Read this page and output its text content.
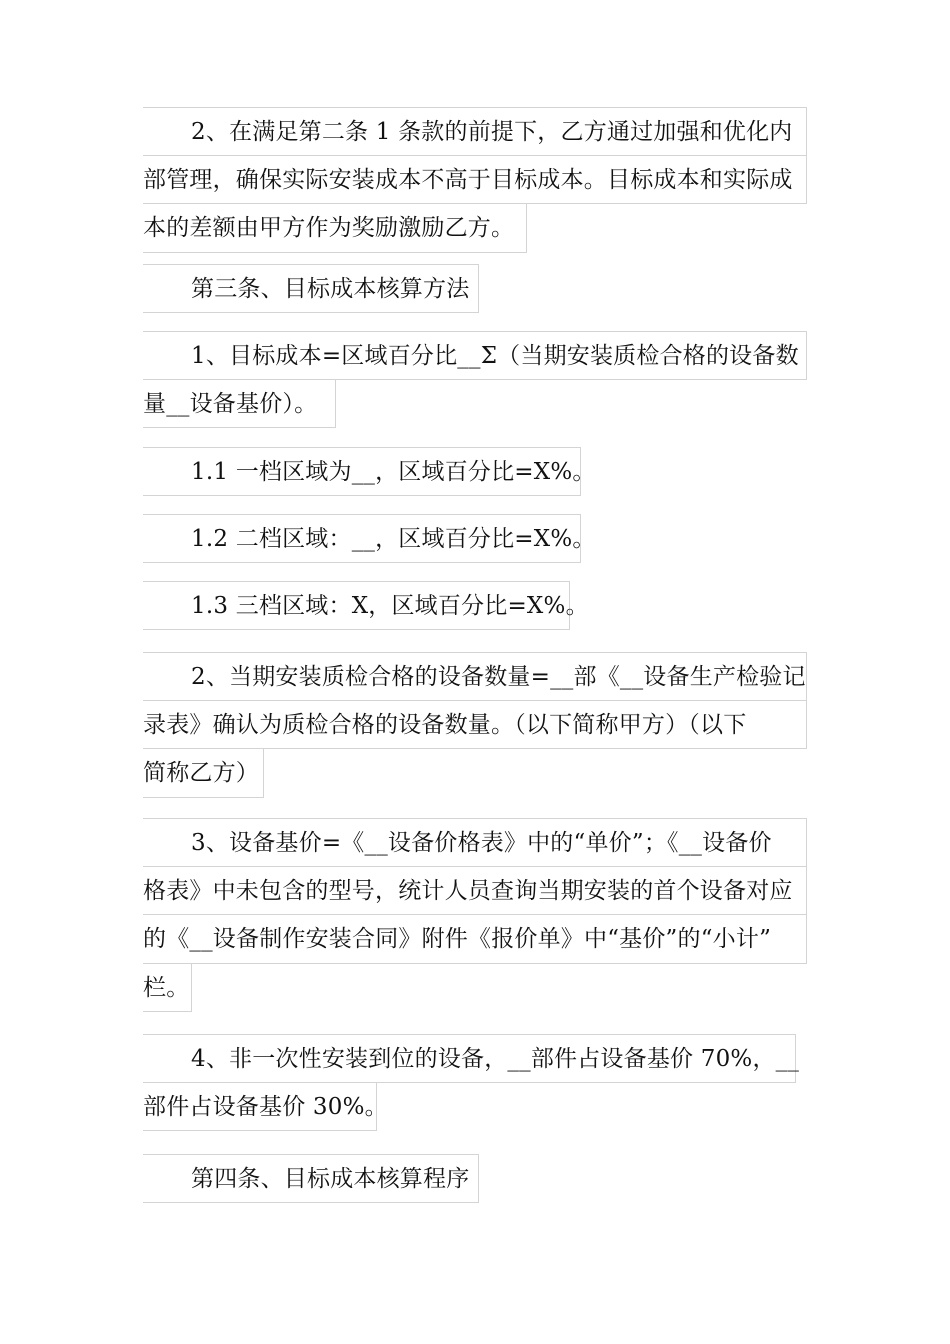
2、在满足第二条 1 条款的前提下，乙方通过加强和优化内
部管理，确保实际安装成本不高于目标成本。目标成本和实际成
本的差额由甲方作为奖励激励乙方。
第三条、目标成本核算方法
1、目标成本=区域百分比__Σ（当期安装质检合格的设备数
量__设备基价）。
1.1 一档区域为__，区域百分比=X%。
1.2 二档区域：__，区域百分比=X%。
1.3 三档区域：X，区域百分比=X%。
2、当期安装质检合格的设备数量=__部《__设备生产检验记
录表》确认为质检合格的设备数量。（以下简称甲方）（以下
简称乙方）
3、设备基价=《__设备价格表》中的“单价”；《__设备价
格表》中未包含的型号，统计人员查询当期安装的首个设备对应
的《__设备制作安装合同》附件《报价单》中“基价”的“小计”
栏。
4、非一次性安装到位的设备，__部件占设备基价 70%，__
部件占设备基价 30%。
第四条、目标成本核算程序
